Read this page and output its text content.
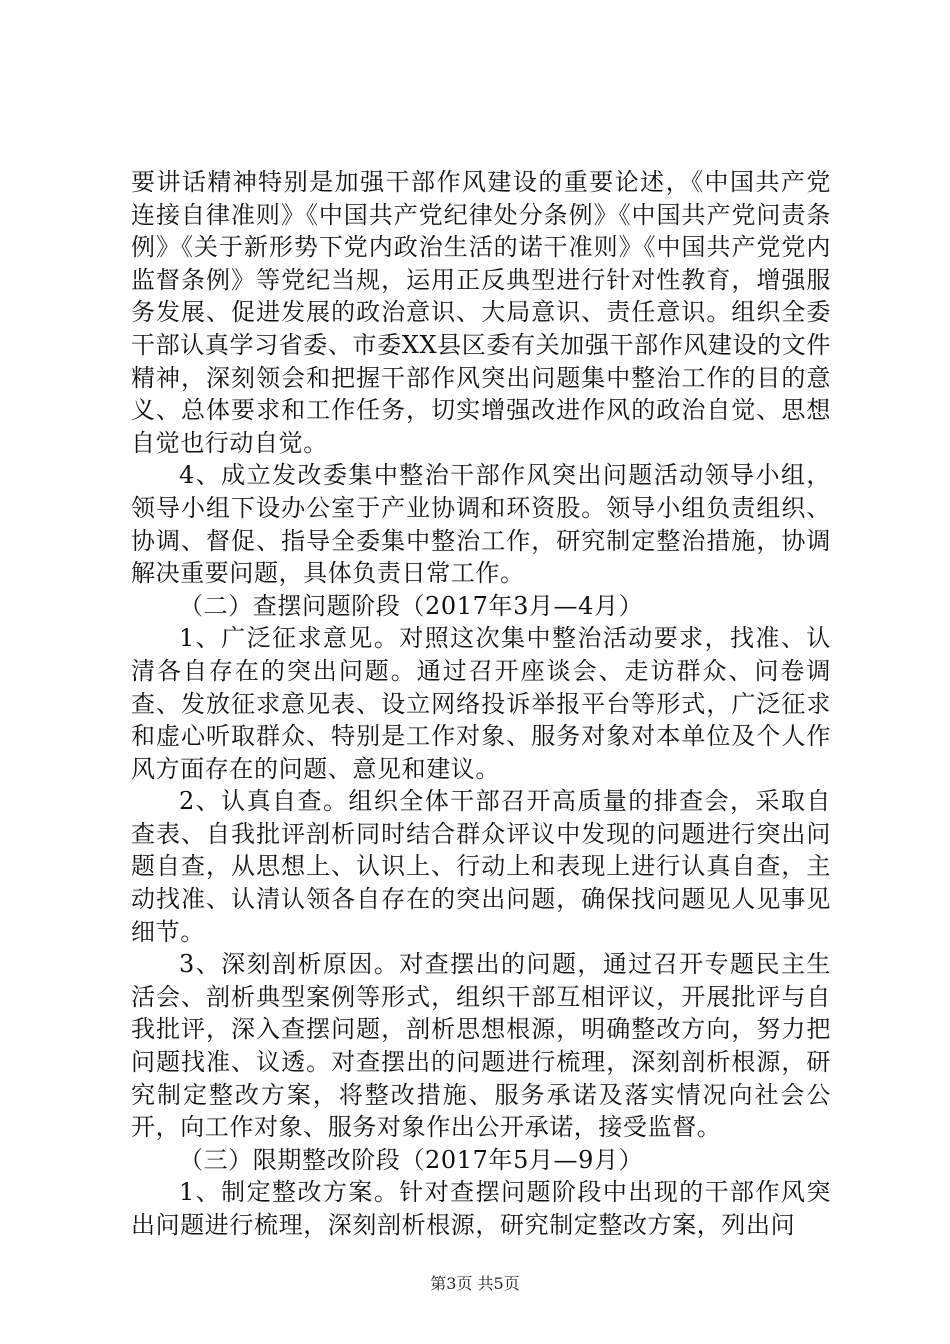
要讲话精神特别是加强干部作风建设的重要论述，《中国共产党连接自律准则》《中国共产党纪律处分条例》《中国共产党问责条例》《关于新形势下党内政治生活的诺干准则》《中国共产党党内监督条例》等党纪当规，运用正反典型进行针对性教育，增强服务发展、促进发展的政治意识、大局意识、责任意识。组织全委干部认真学习省委、市委XX县区委有关加强干部作风建设的文件精神，深刻领会和把握干部作风突出问题集中整治工作的目的意义、总体要求和工作任务，切实增强改进作风的政治自觉、思想自觉也行动自觉。

4、成立发改委集中整治干部作风突出问题活动领导小组，领导小组下设办公室于产业协调和环资股。领导小组负责组织、协调、督促、指导全委集中整治工作，研究制定整治措施，协调解决重要问题，具体负责日常工作。

（二）查摆问题阶段（2017年3月—4月）

1、广泛征求意见。对照这次集中整治活动要求，找准、认清各自存在的突出问题。通过召开座谈会、走访群众、问卷调查、发放征求意见表、设立网络投诉举报平台等形式，广泛征求和虚心听取群众、特别是工作对象、服务对象对本单位及个人作风方面存在的问题、意见和建议。

2、认真自查。组织全体干部召开高质量的排查会，采取自查表、自我批评剖析同时结合群众评议中发现的问题进行突出问题自查，从思想上、认识上、行动上和表现上进行认真自查，主动找准、认清认领各自存在的突出问题，确保找问题见人见事见细节。

3、深刻剖析原因。对查摆出的问题，通过召开专题民主生活会、剖析典型案例等形式，组织干部互相评议，开展批评与自我批评，深入查摆问题，剖析思想根源，明确整改方向，努力把问题找准、议透。对查摆出的问题进行梳理，深刻剖析根源，研究制定整改方案，将整改措施、服务承诺及落实情况向社会公开，向工作对象、服务对象作出公开承诺，接受监督。

（三）限期整改阶段（2017年5月—9月）

1、制定整改方案。针对查摆问题阶段中出现的干部作风突出问题进行梳理，深刻剖析根源，研究制定整改方案，列出问

第3页 共5页
